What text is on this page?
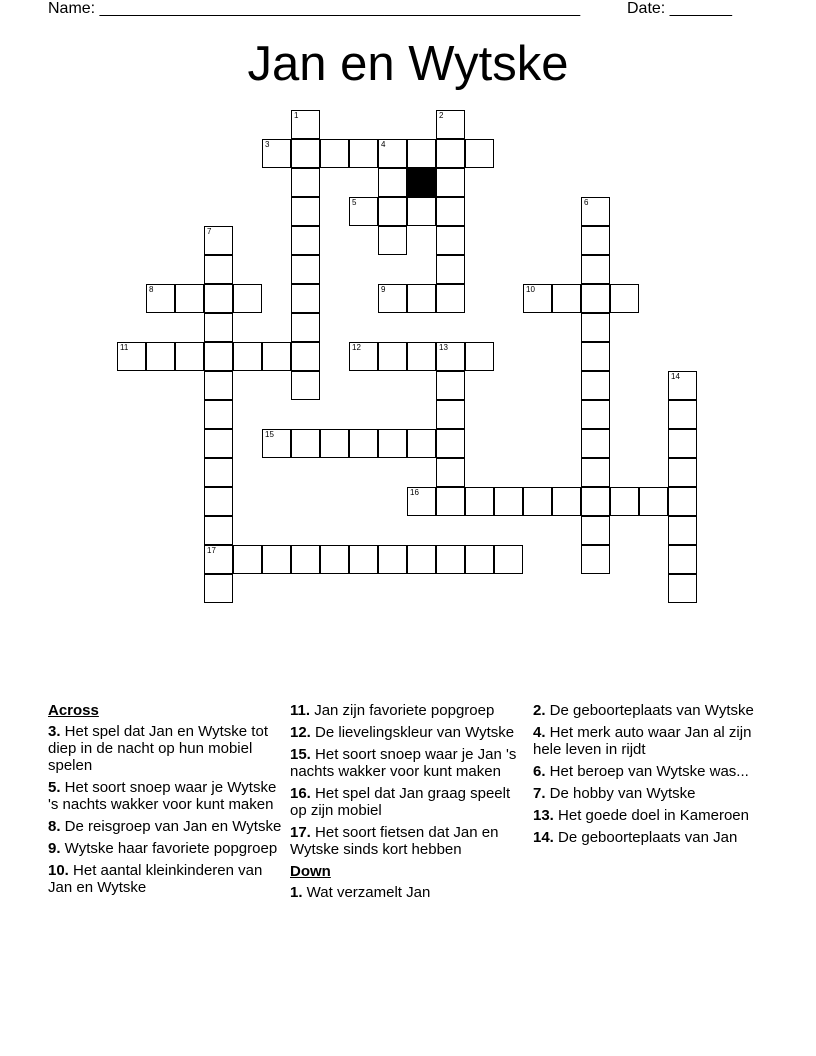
Name: ______________________________________________________	Date: _______
Jan en Wytske
1	2
3	4
5	6
7
17
8	9	10
11	12	13
14
15
16
Across
3. Het spel dat Jan en Wytske tot diep in de nacht op hun mobiel spelen
5. Het soort snoep waar je Wytske 's nachts wakker voor kunt maken
8. De reisgroep van Jan en Wytske
9. Wytske haar favoriete popgroep
10. Het aantal kleinkinderen van Jan en Wytske
11. Jan zijn favoriete popgroep
12. De lievelingskleur van Wytske
15. Het soort snoep waar je Jan 's nachts wakker voor kunt maken
16. Het spel dat Jan graag speelt op zijn mobiel
17. Het soort fietsen dat Jan en Wytske sinds kort hebben
Down
1. Wat verzamelt Jan
2. De geboorteplaats van Wytske
4. Het merk auto waar Jan al zijn hele leven in rijdt
6. Het beroep van Wytske was...
7. De hobby van Wytske
13. Het goede doel in Kameroen
14. De geboorteplaats van Jan
